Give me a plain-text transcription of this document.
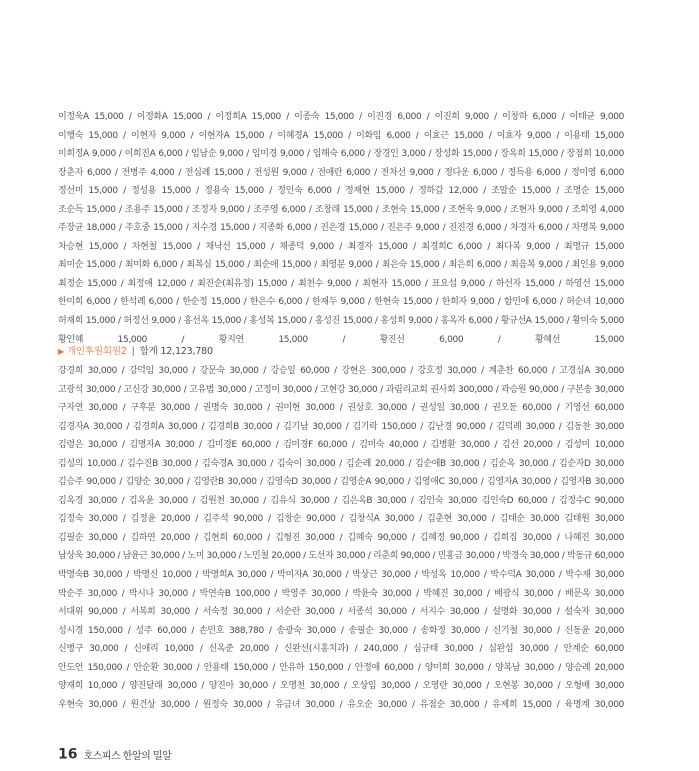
이정욱A 15,000 / 이정화A 15,000 / 이정희A 15,000 / 이종숙 15,000 / 이진경 6,000 / 이진희 9,000 / 이창하 6,000 / 이태균 9,000
이행숙 15,000 / 이현자 9,000 / 이현자A 15,000 / 이혜경A 15,000 / 이화임 6,000 / 이효근 15,000 / 이효자 9,000 / 이용태 15,000
이희정A 9,000 / 이희진A 6,000 / 임남순 9,000 / 임미경 9,000 / 임해숙 6,000 / 장경인 3,000 / 장성화 15,000 / 장옥희 15,000 / 장점희 10,000
장춘자 6,000 / 전병주 4,000 / 전심례 15,000 / 전성원 9,000 / 전애란 6,000 / 전차선 9,000 / 정다운 6,000 / 정득용 6,000 / 정미영 6,000
정선미 15,000 / 정성용 15,000 / 정용숙 15,000 / 정인숙 6,000 / 정재현 15,000 / 정하갑 12,000 / 조말순 15,000 / 조명순 15,000
조순득 15,000 / 조용주 15,000 / 조정자 9,000 / 조주영 6,000 / 조창래 15,000 / 조현숙 15,000 / 조현욱 9,000 / 조현자 9,000 / 조희영 4,000
주장균 18,000 / 주호중 15,000 / 지수경 15,000 / 지종화 6,000 / 진은경 15,000 / 진은주 9,000 / 진진경 6,000 / 차경자 6,000 / 차명복 9,000
차승현 15,000 / 차현철 15,000 / 채낙선 15,000 / 채종덕 9,000 / 최경자 15,000 / 최경희C 6,000 / 최다복 9,000 / 최명규 15,000
최미순 15,000 / 최미화 6,000 / 최복심 15,000 / 최순애 15,000 / 최영분 9,000 / 최은숙 15,000 / 최은희 6,000 / 최음복 9,000 / 최인용 9,000
최정순 15,000 / 최정애 12,000 / 최진순(최유정) 15,000 / 최천수 9,000 / 최현자 15,000 / 표요섭 9,000 / 하선자 15,000 / 하영선 15,000
한미희 6,000 / 한석례 6,000 / 한순정 15,000 / 한은수 6,000 / 한재두 9,000 / 한현숙 15,000 / 한희자 9,000 / 함민애 6,000 / 허순녀 10,000
허재희 15,000 / 허정선 9,000 / 홍선옥 15,000 / 홍성복 15,000 / 홍성진 15,000 / 홍성희 9,000 / 홍옥자 6,000 / 황규선A 15,000 / 황미숙 5,000
황인혜 15,000 / 황지연 15,000 / 황진선 6,000 / 황혜선 15,000
▶ 개인후원회원2 | 합계 12,123,780
강경희 30,000 / 강덕임 30,000 / 강문숙 30,000 / 강승일 60,000 / 강현은 300,000 / 강호정 30,000 / 계춘찬 60,000 / 고경심A 30,000
고광석 30,000 / 고신강 30,000 / 고유범 30,000 / 고정미 30,000 / 고현강 30,000 / 과림리교회 권사회 300,000 / 곽승원 90,000 / 구본송 30,000
구자연 30,000 / 구후분 30,000 / 권명숙 30,000 / 권미현 30,000 / 권상호 30,000 / 권성일 30,000 / 권오둔 60,000 / 기영선 60,000
김경자A 30,000 / 김경희A 30,000 / 김경희B 30,000 / 김기남 30,000 / 김기락 150,000 / 김난경 90,000 / 김덕례 30,000 / 김동찬 30,000
김령은 30,000 / 김명자A 30,000 / 김미경E 60,000 / 김미경F 60,000 / 김미숙 40,000 / 김병환 30,000 / 김선 20,000 / 김성미 10,000
김성의 10,000 / 김수진B 30,000 / 김숙경A 30,000 / 김숙이 30,000 / 김순례 20,000 / 김순애B 30,000 / 김순옥 30,000 / 김순자D 30,000
김승주 90,000 / 김양순 30,000 / 김영란B 30,000 / 김영숙D 30,000 / 김영순A 90,000 / 김영애C 30,000 / 김영자A 30,000 / 김영자B 30,000
김옥경 30,000 / 김옥윤 30,000 / 김원천 30,000 / 김유식 30,000 / 김은옥B 30,000 / 김인숙 30,000 김인숙D 60,000 / 김정수C 90,000
김정숙 30,000 / 김정윤 20,000 / 김주석 90,000 / 김창순 90,000 / 김창식A 30,000 / 김춘현 30,000 / 김태순 30,000 김태원 30,000
김필순 30,000 / 김하연 20,000 / 김현희 60,000 / 김형진 30,000 / 김혜숙 90,000 / 김혜정 90,000 / 김희집 30,000 / 나혜진 30,000
남상욱 30,000 / 남윤근 30,000 / 노미 30,000 / 노민철 20,000 / 도선자 30,000 / 리춘희 90,000 / 민홍금 30,000 / 박경숙 30,000 / 박동규 60,000
박명숙B 30,000 / 박명신 10,000 / 박명희A 30,000 / 박미자A 30,000 / 박상근 30,000 / 박성옥 10,000 / 박수덕A 30,000 / 박수재 30,000
박순주 30,000 / 박시나 30,000 / 박연숙B 100,000 / 박영주 30,000 / 박윤숙 30,000 / 박혜진 30,000 / 배광식 30,000 / 배문옥 30,000
서대위 90,000 / 서복희 30,000 / 서숙정 30,000 / 서순란 30,000 / 서종석 30,000 / 서지수 30,000 / 설명화 30,000 / 설숙자 30,000
성시경 150,000 / 성주 60,000 / 손민호 388,780 / 송광숙 30,000 / 송필순 30,000 / 송화정 30,000 / 신기철 30,000 / 신동윤 20,000
신병구 30,000 / 신애리 10,000 / 신옥준 20,000 / 신완선(시흥치과) / 240,000 / 심규태 30,000 / 심완섭 30,000 / 안계순 60,000
안도언 150,000 / 안순환 30,000 / 안용태 150,000 / 안유하 150,000 / 안정애 60,000 / 양미희 30,000 / 양복남 30,000 / 양승례 20,000
양재희 10,000 / 양진달래 30,000 / 양진아 30,000 / 오명천 30,000 / 오상임 30,000 / 오영란 30,000 / 오현봉 30,000 / 오형배 30,000
우현숙 30,000 / 원건상 30,000 / 원정숙 30,000 / 유금녀 30,000 / 유오순 30,000 / 유점순 30,000 / 유제희 15,000 / 육명계 30,000
16 호스피스 한알의 밀알
